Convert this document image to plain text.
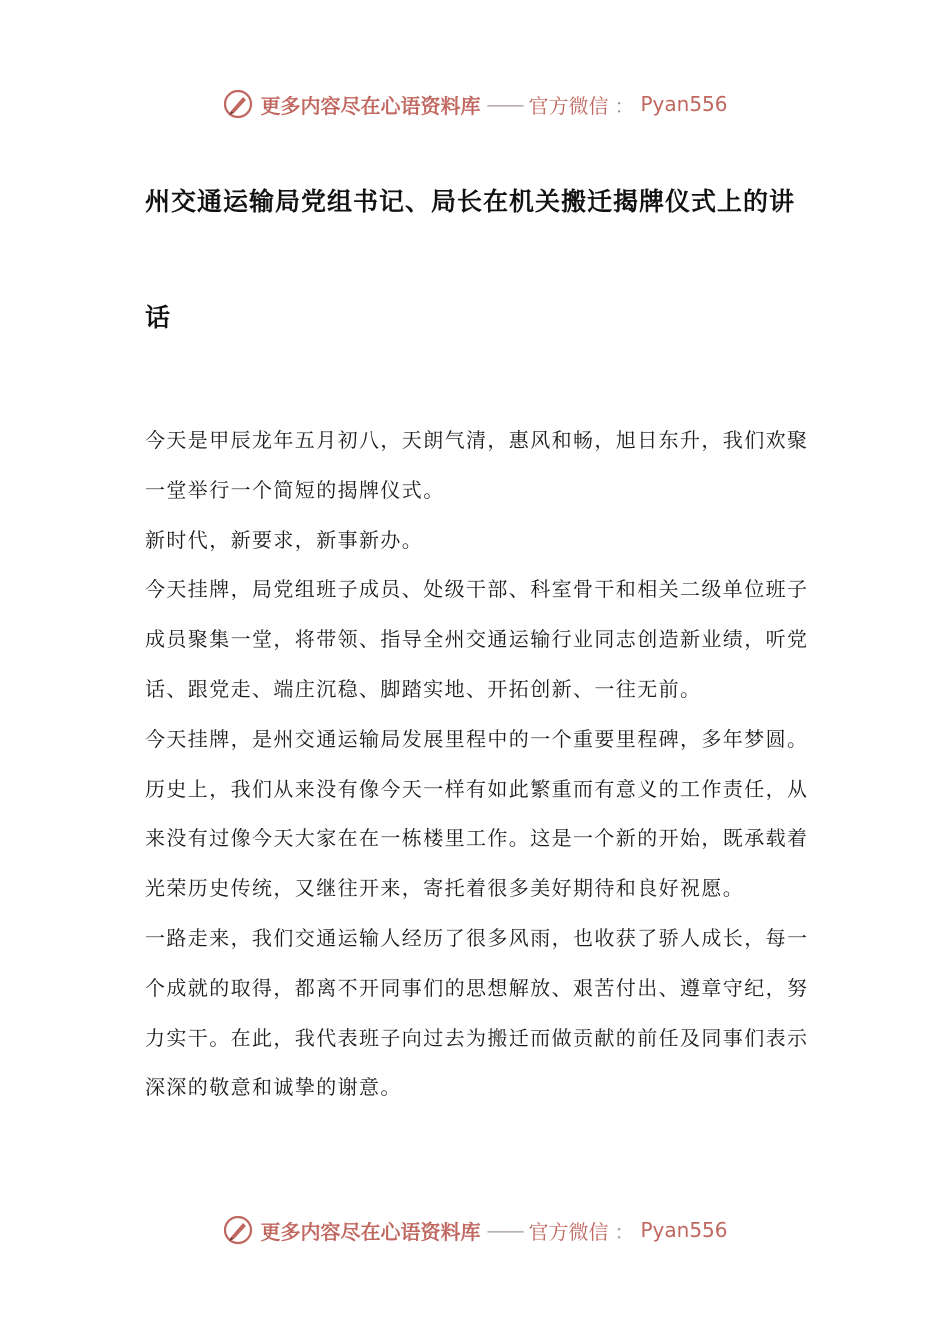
更多内容尽在心语资料库 —— 官方微信 ： Pyan556
州交通运输局党组书记、局长在机关搬迁揭牌仪式上的讲
话

今天是甲辰龙年五月初八，天朗气清，惠风和畅，旭日东升，我们欢聚一堂举行一个简短的揭牌仪式。

新时代，新要求，新事新办。

今天挂牌，局党组班子成员、处级干部、科室骨干和相关二级单位班子成员聚集一堂，将带领、指导全州交通运输行业同志创造新业绩，听党话、跟党走、端庄沉稳、脚踏实地、开拓创新、一往无前。

今天挂牌，是州交通运输局发展里程中的一个重要里程碑，多年梦圆。历史上，我们从来没有像今天一样有如此繁重而有意义的工作责任，从来没有过像今天大家在在一栋楼里工作。这是一个新的开始，既承载着光荣历史传统，又继往开来，寄托着很多美好期待和良好祝愿。

一路走来，我们交通运输人经历了很多风雨，也收获了骄人成长，每一个成就的取得，都离不开同事们的思想解放、艰苦付出、遵章守纪，努力实干。在此，我代表班子向过去为搬迁而做贡献的前任及同事们表示深深的敬意和诚挚的谢意。

更多内容尽在心语资料库 —— 官方微信 ： Pyan556
